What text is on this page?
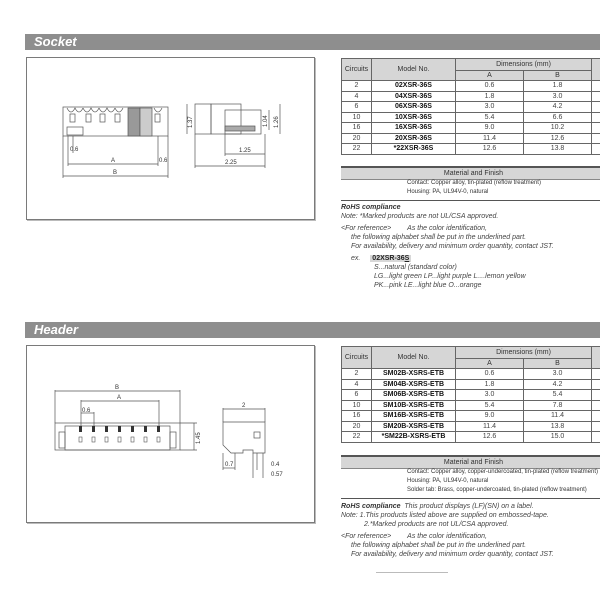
Socket
0.6
A	0.6
B
1.25
2.25
1.37	1.04 1.26
Circuits	Model No.	Dimensions (mm)		
		A	B	
2	02XSR-36S	0.6	1.8	
4	04XSR-36S	1.8	3.0	
6	06XSR-36S	3.0	4.2	
10	10XSR-36S	5.4	6.6	
16	16XSR-36S	9.0	10.2	
20	20XSR-36S	11.4	12.6	
22	*22XSR-36S	12.6	13.8	
Material and Finish
Contact: Copper alloy, tin-plated (reflow treatment)
Housing: PA, UL94V-0, natural
RoHS compliance
Note: *Marked products are not UL/CSA approved.
<For reference> As the color identification,
the following alphabet shall be put in the underlined part.
For availability, delivery and minimum order quantity, contact JST.
ex. 02XSR-36S
S...natural (standard color)
LG...light green LP...light purple L....lemon yellow
PK...pink LE...light blue O...orange
Header
B
A
0.6
2
0.7	0.4
0.57
1.45
Circuits	Model No.	Dimensions (mm)		
		A	B	
2	SM02B-XSRS-ETB	0.6	3.0	
4	SM04B-XSRS-ETB	1.8	4.2	
6	SM06B-XSRS-ETB	3.0	5.4	
10	SM10B-XSRS-ETB	5.4	7.8	
16	SM16B-XSRS-ETB	9.0	11.4	
20	SM20B-XSRS-ETB	11.4	13.8	
22	*SM22B-XSRS-ETB	12.6	15.0	
Material and Finish
Contact: Copper alloy, copper-undercoated, tin-plated (reflow treatment)
Housing: PA, UL94V-0, natural
Solder tab: Brass, copper-undercoated, tin-plated (reflow treatment)
RoHS compliance This product displays (LF)(SN) on a label.
Note: 1.This products listed above are supplied on embossed-tape.
2.*Marked products are not UL/CSA approved.
<For reference> As the color identification,
the following alphabet shall be put in the underlined part.
For availability, delivery and minimum order quantity, contact JST.
